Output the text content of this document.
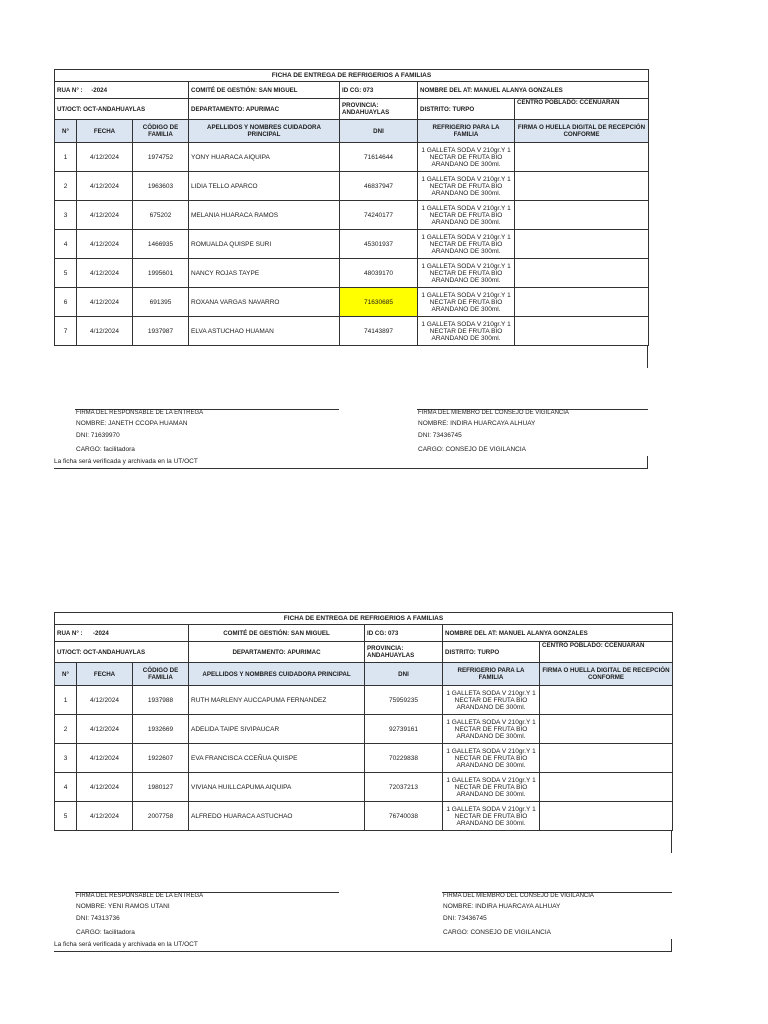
FICHA DE ENTREGA DE REFRIGERIOS A FAMILIAS						
RUA N° : -2024			COMITÉ DE GESTIÓN: SAN MIGUEL	ID CG: 073	NOMBRE DEL AT: MANUEL ALANYA GONZALES	
UT/OCT: OCT-ANDAHUAYLAS			DEPARTAMENTO: APURIMAC	PROVINCIA: ANDAHUAYLAS	DISTRITO: TURPO	CENTRO POBLADO: CCENUARAN
N°	FECHA	CÓDIGO DE FAMILIA	APELLIDOS Y NOMBRES CUIDADORA PRINCIPAL	DNI	REFRIGERIO PARA LA FAMILIA	FIRMA O HUELLA DIGITAL DE RECEPCIÓN CONFORME
1	4/12/2024	1974752	YONY HUARACA AIQUIPA	71614644	1 GALLETA SODA V 210gr.Y 1 NECTAR DE FRUTA BIO ARANDANO DE 300ml.	
2	4/12/2024	1963603	LIDIA TELLO APARCO	46837947	1 GALLETA SODA V 210gr.Y 1 NECTAR DE FRUTA BIO ARANDANO DE 300ml.	
3	4/12/2024	675202	MELANIA HUARACA RAMOS	74240177	1 GALLETA SODA V 210gr.Y 1 NECTAR DE FRUTA BIO ARANDANO DE 300ml.	
4	4/12/2024	1466935	ROMUALDA QUISPE SURI	45301937	1 GALLETA SODA V 210gr.Y 1 NECTAR DE FRUTA BIO ARANDANO DE 300ml.	
5	4/12/2024	1995601	NANCY ROJAS TAYPE	48039170	1 GALLETA SODA V 210gr.Y 1 NECTAR DE FRUTA BIO ARANDANO DE 300ml.	
6	4/12/2024	691395	ROXANA VARGAS NAVARRO	71630685	1 GALLETA SODA V 210gr.Y 1 NECTAR DE FRUTA BIO ARANDANO DE 300ml.	
7	4/12/2024	1937987	ELVA ASTUCHAO HUAMAN	74143897	1 GALLETA SODA V 210gr.Y 1 NECTAR DE FRUTA BIO ARANDANO DE 300ml.	
FIRMA DEL RESPONSABLE DE LA ENTREGA
NOMBRE: JANETH CCOPA HUAMAN
DNI: 71639970
CARGO: facilitadora
FIRMA DEL MIEMBRO DEL CONSEJO DE VIGILANCIA
NOMBRE: INDIRA HUARCAYA ALHUAY
DNI: 73436745
CARGO: CONSEJO DE VIGILANCIA
La ficha será verificada y archivada en la UT/OCT
FICHA DE ENTREGA DE REFRIGERIOS A FAMILIAS						
RUA N° : -2024			COMITÉ DE GESTIÓN: SAN MIGUEL	ID CG: 073	NOMBRE DEL AT: MANUEL ALANYA GONZALES	
UT/OCT: OCT-ANDAHUAYLAS			DEPARTAMENTO: APURIMAC	PROVINCIA: ANDAHUAYLAS	DISTRITO: TURPO	CENTRO POBLADO: CCENUARAN
N°	FECHA	CÓDIGO DE FAMILIA	APELLIDOS Y NOMBRES CUIDADORA PRINCIPAL	DNI	REFRIGERIO PARA LA FAMILIA	FIRMA O HUELLA DIGITAL DE RECEPCIÓN CONFORME
1	4/12/2024	1937988	RUTH MARLENY AUCCAPUMA FERNANDEZ	75959235	1 GALLETA SODA V 210gr.Y 1 NECTAR DE FRUTA BIO ARANDANO DE 300ml.	
2	4/12/2024	1932669	ADELIDA TAIPE SIVIPAUCAR	92739161	1 GALLETA SODA V 210gr.Y 1 NECTAR DE FRUTA BIO ARANDANO DE 300ml.	
3	4/12/2024	1922607	EVA FRANCISCA CCEÑUA QUISPE	70229838	1 GALLETA SODA V 210gr.Y 1 NECTAR DE FRUTA BIO ARANDANO DE 300ml.	
4	4/12/2024	1980127	VIVIANA HUILLCAPUMA AIQUIPA	72037213	1 GALLETA SODA V 210gr.Y 1 NECTAR DE FRUTA BIO ARANDANO DE 300ml.	
5	4/12/2024	2007758	ALFREDO HUARACA ASTUCHAO	76740038	1 GALLETA SODA V 210gr.Y 1 NECTAR DE FRUTA BIO ARANDANO DE 300ml.	
FIRMA DEL RESPONSABLE DE LA ENTREGA
NOMBRE: YENI RAMOS UTANI
DNI: 74313736
CARGO: facilitadora
FIRMA DEL MIEMBRO DEL CONSEJO DE VIGILANCIA
NOMBRE: INDIRA HUARCAYA ALHUAY
DNI: 73436745
CARGO: CONSEJO DE VIGILANCIA
La ficha será verificada y archivada en la UT/OCT
